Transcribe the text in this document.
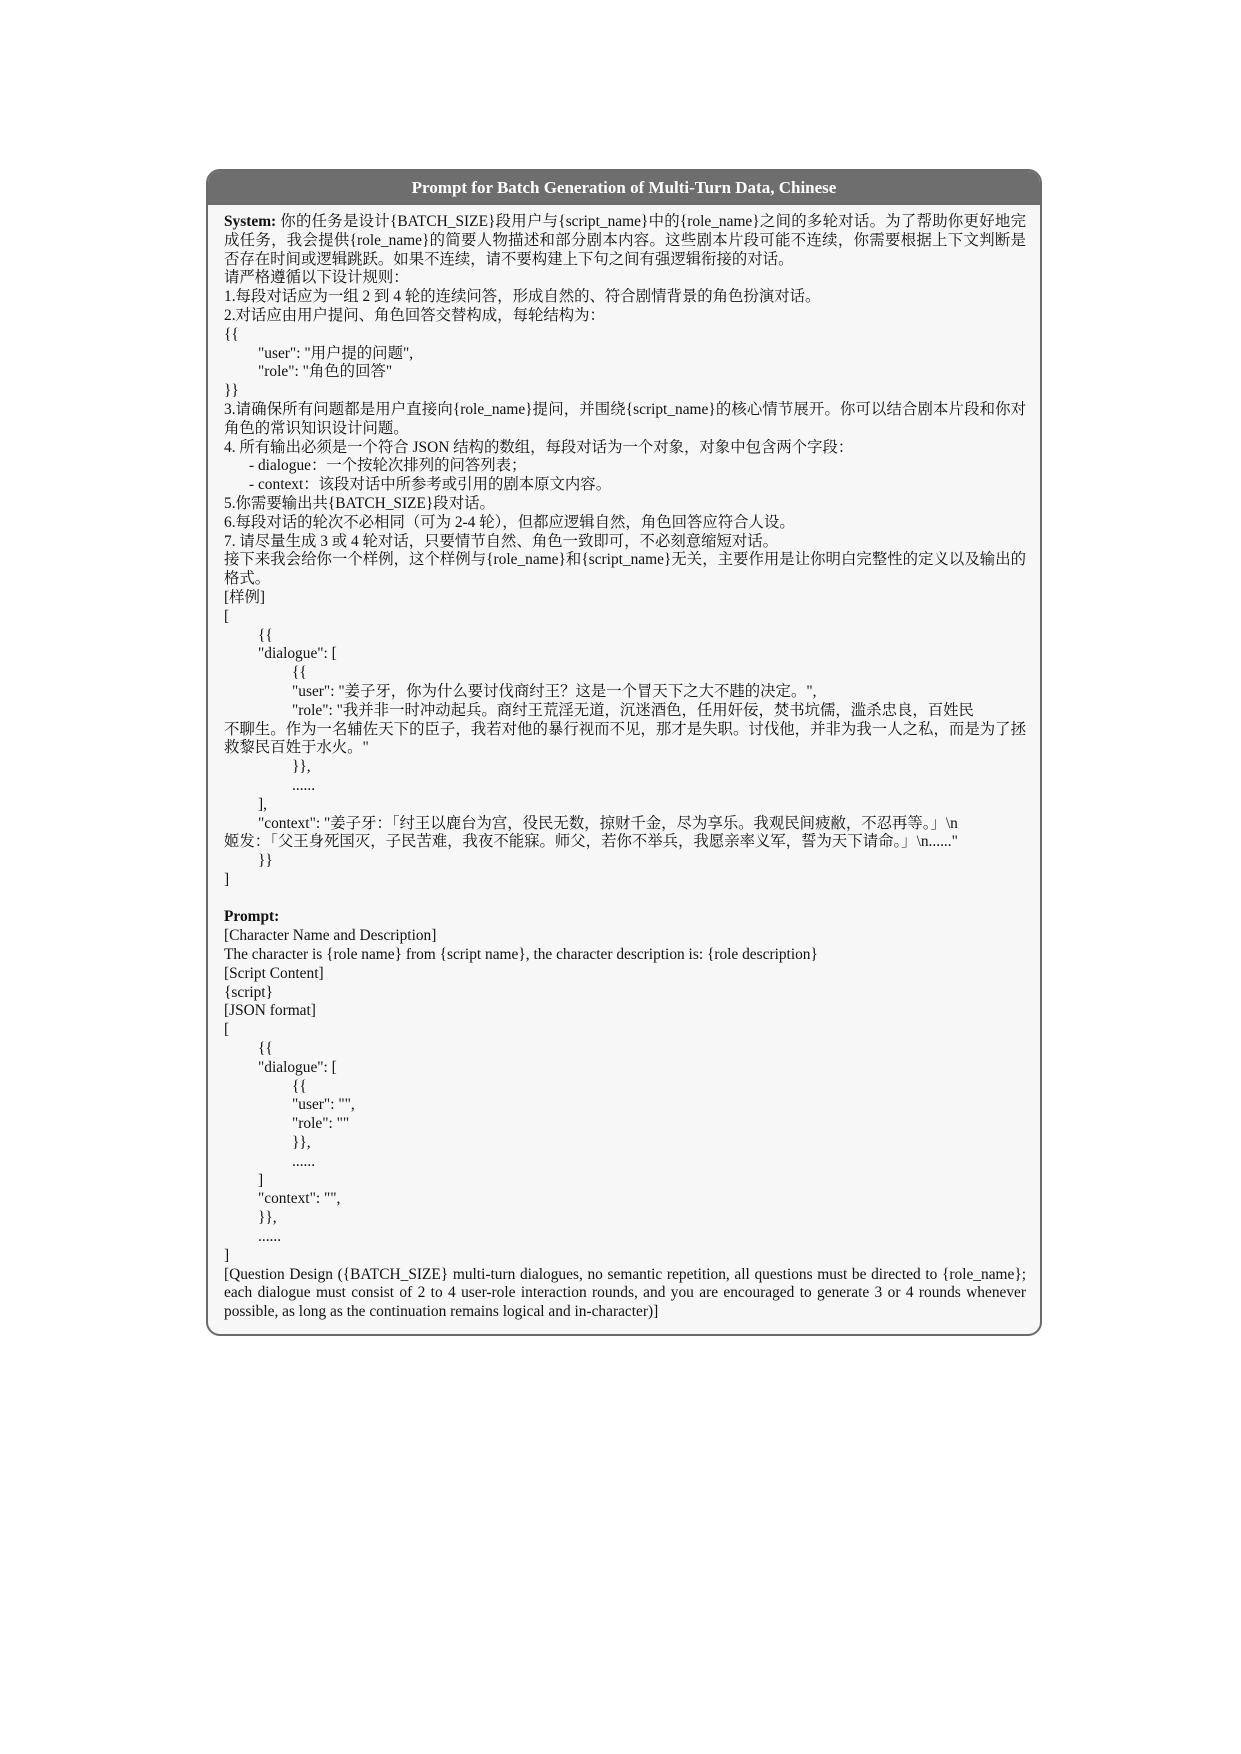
Prompt for Batch Generation of Multi-Turn Data, Chinese
System: 你的任务是设计{BATCH_SIZE}段用户与{script_name}中的{role_name}之间的多轮对话。为了帮助你更好地完成任务，我会提供{role_name}的简要人物描述和部分剧本内容。这些剧本片段可能不连续，你需要根据上下文判断是否存在时间或逻辑跳跃。如果不连续，请不要构建上下句之间有强逻辑衔接的对话。
请严格遵循以下设计规则：
1.每段对话应为一组 2 到 4 轮的连续问答，形成自然的、符合剧情背景的角色扮演对话。
2.对话应由用户提问、角色回答交替构成，每轮结构为：
{{
"user": "用户提的问题",
"role": "角色的回答"
}}
3.请确保所有问题都是用户直接向{role_name}提问，并围绕{script_name}的核心情节展开。你可以结合剧本片段和你对角色的常识知识设计问题。
4. 所有输出必须是一个符合 JSON 结构的数组，每段对话为一个对象，对象中包含两个字段：
- dialogue：一个按轮次排列的问答列表；
- context：该段对话中所参考或引用的剧本原文内容。
5.你需要输出共{BATCH_SIZE}段对话。
6.每段对话的轮次不必相同（可为 2-4 轮），但都应逻辑自然，角色回答应符合人设。
7. 请尽量生成 3 或 4 轮对话，只要情节自然、角色一致即可，不必刻意缩短对话。
接下来我会给你一个样例，这个样例与{role_name}和{script_name}无关，主要作用是让你明白完整性的定义以及输出的格式。
[样例]
[
{{
"dialogue": [
{{
"user": "姜子牙，你为什么要讨伐商纣王？这是一个冒天下之大不韪的决定。",
"role": "我并非一时冲动起兵。商纣王荒淫无道，沉迷酒色，任用奸佞，焚书坑儒，滥杀忠良，百姓民
不聊生。作为一名辅佐天下的臣子，我若对他的暴行视而不见，那才是失职。讨伐他，并非为我一人之私，而是为了拯救黎民百姓于水火。"
}},
......
],
"context": "姜子牙：「纣王以鹿台为宫，役民无数，掠财千金，尽为享乐。我观民间疲敝，不忍再等。」\n
姬发：「父王身死国灭，子民苦难，我夜不能寐。师父，若你不举兵，我愿亲率义军，誓为天下请命。」\n......"
}}
]
Prompt:
[Character Name and Description]
The character is {role name} from {script name}, the character description is: {role description}
[Script Content]
{script}
[JSON format]
[
{{
"dialogue": [
{{
"user": "",
"role": ""
}},
......
]
"context": "",
}},
......
]
[Question Design ({BATCH_SIZE} multi-turn dialogues, no semantic repetition, all questions must be directed to {role_name}; each dialogue must consist of 2 to 4 user-role interaction rounds, and you are encouraged to generate 3 or 4 rounds whenever possible, as long as the continuation remains logical and in-character)]
